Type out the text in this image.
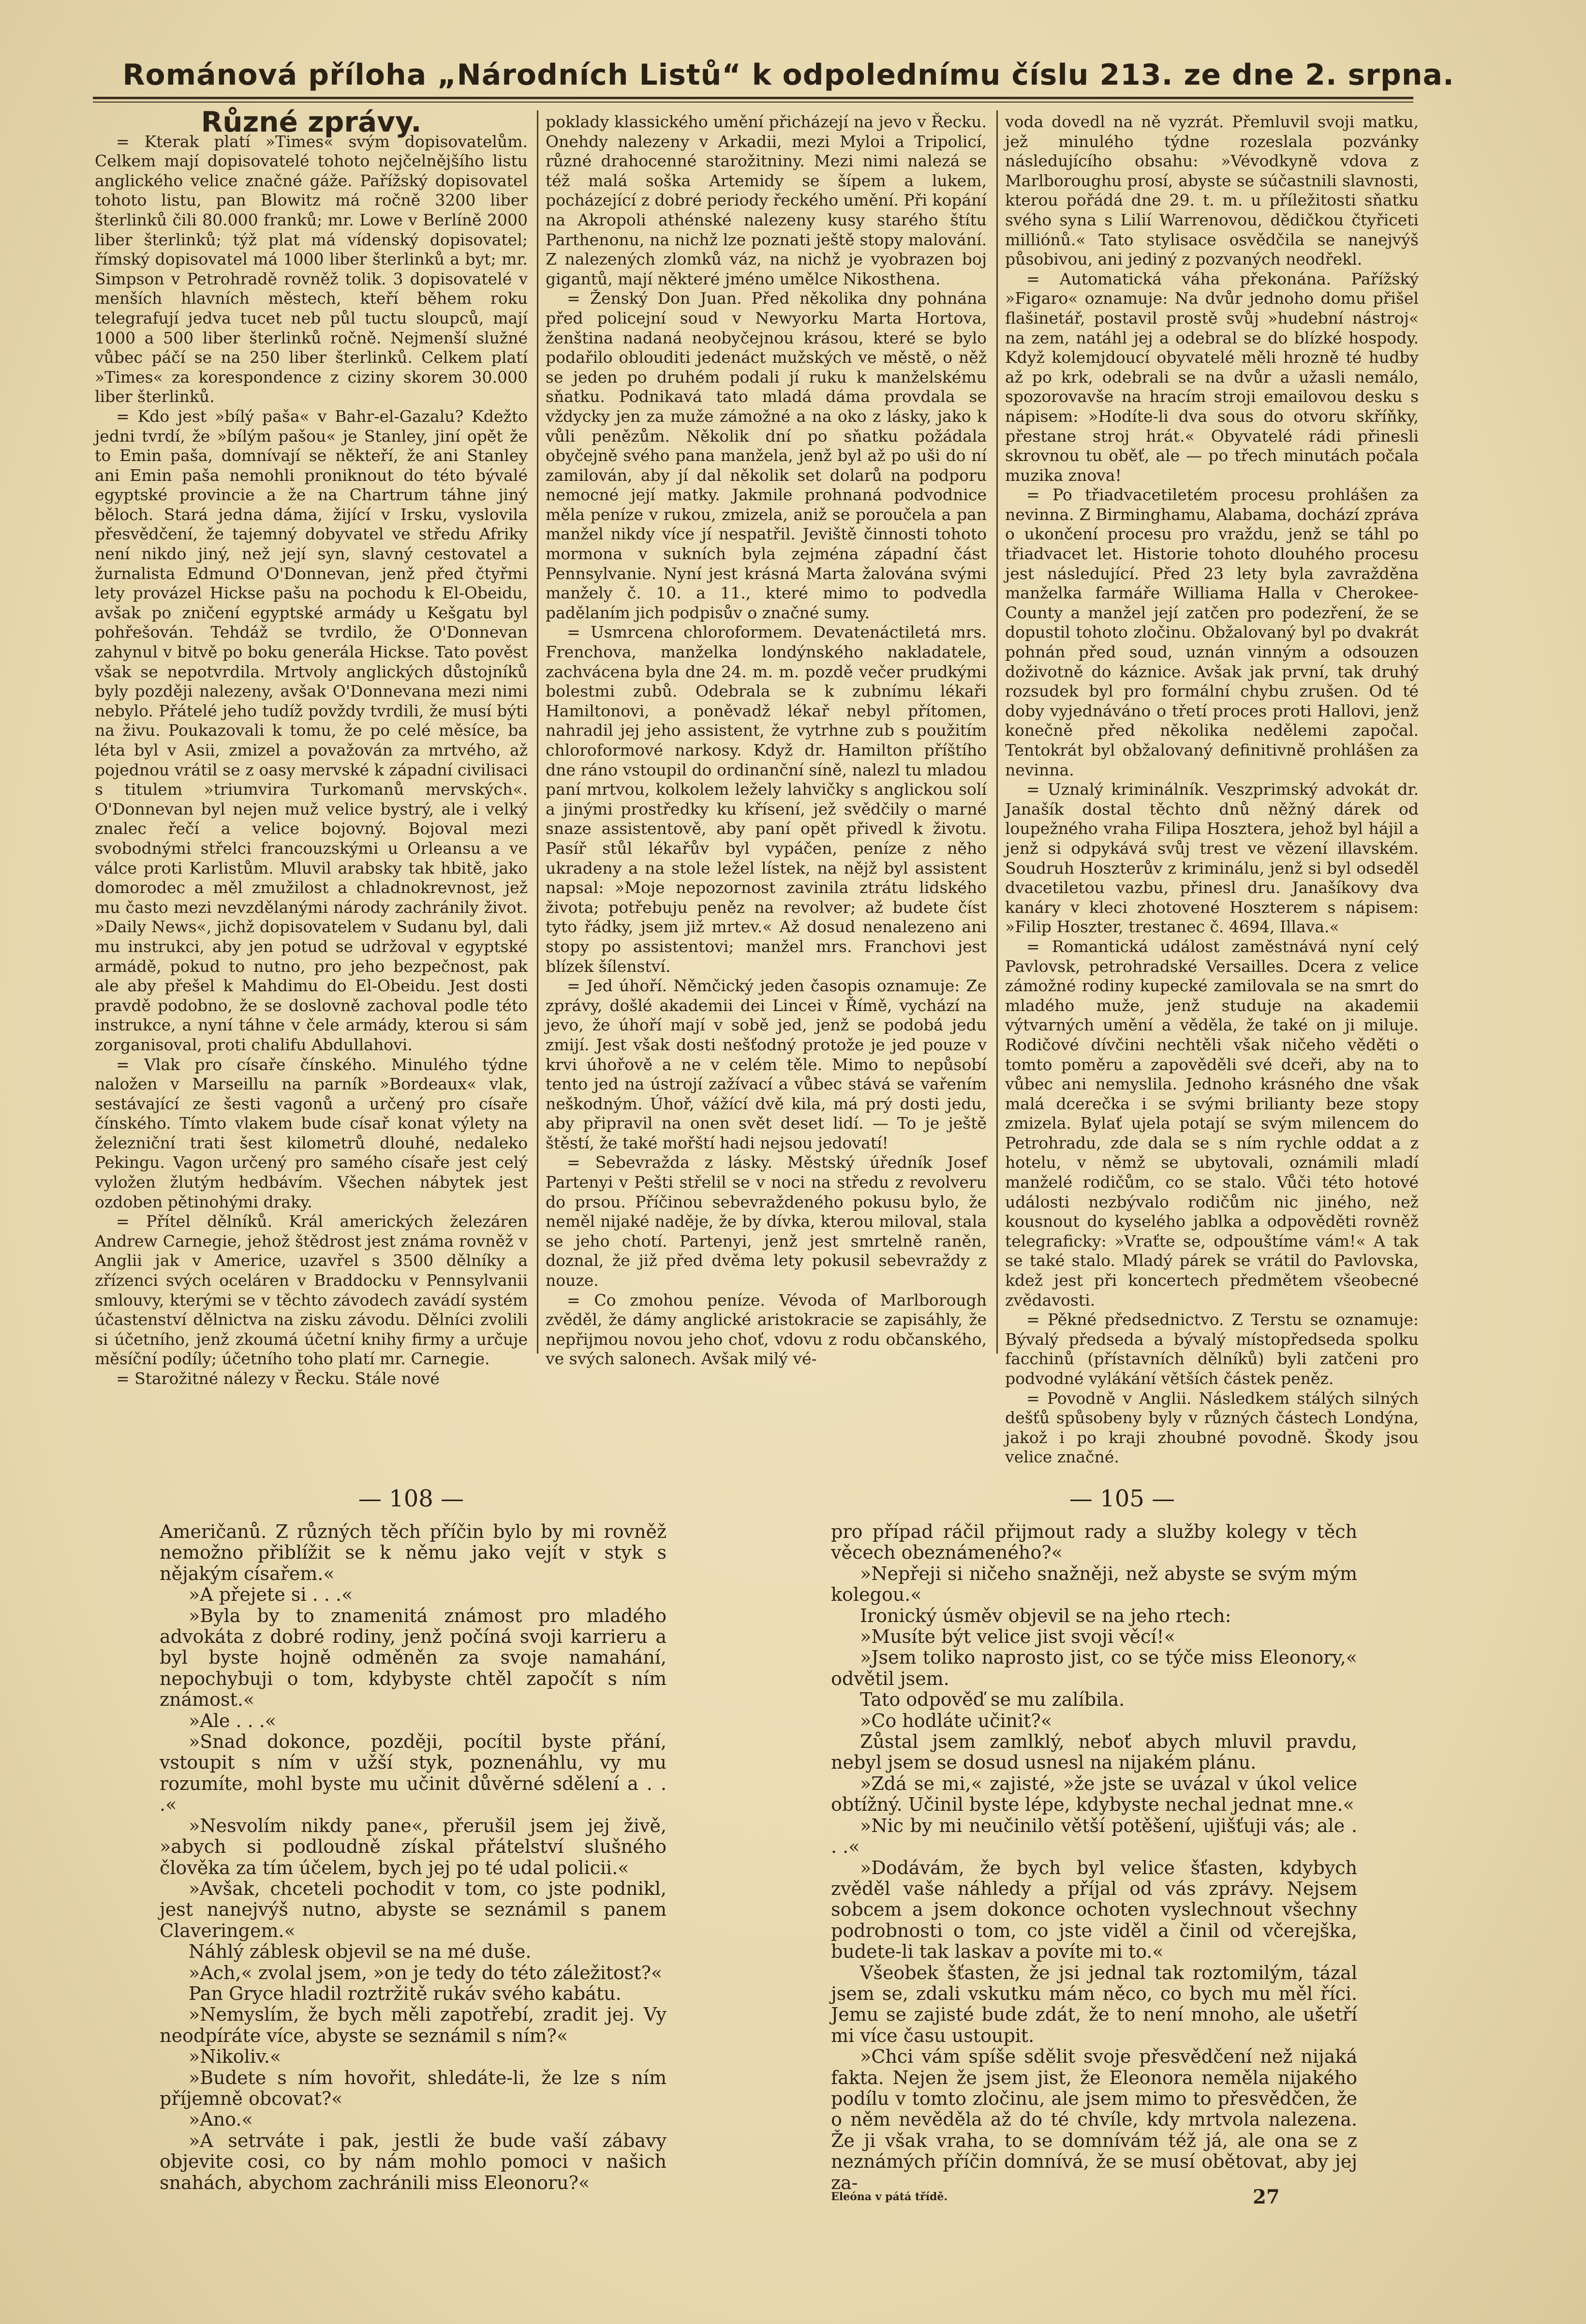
Románová příloha „Národních Listů“ k odpolednímu číslu 213. ze dne 2. srpna.

Různé zprávy.

= Kterak platí »Times« svým dopisovatelům. Celkem mají dopisovatelé tohoto nejčelnějšího listu anglického velice značné gáže. Pařížský dopisovatel tohoto listu, pan Blowitz má ročně 3200 liber šterlinků čili 80.000 franků; mr. Lowe v Berlíně 2000 liber šterlinků; týž plat má vídenský dopisovatel; římský dopisovatel má 1000 liber šterlinků a byt; mr. Simpson v Petrohradě rovněž tolik. 3 dopisovatelé v menších hlavních městech, kteří během roku telegrafují jedva tucet neb půl tuctu sloupců, mají 1000 a 500 liber šterlinků ročně. Nejmenší služné vůbec páčí se na 250 liber šterlinků. Celkem platí »Times« za korespondence z ciziny skorem 30.000 liber šterlinků.

= Kdo jest »bílý paša« v Bahr-el-Gazalu? Kdežto jedni tvrdí, že »bílým pašou« je Stanley, jiní opět že to Emin paša, domnívají se někteří, že ani Stanley ani Emin paša nemohli proniknout do této bývalé egyptské provincie a že na Chartrum táhne jiný běloch. Stará jedna dáma, žijící v Irsku, vyslovila přesvědčení, že tajemný dobyvatel ve středu Afriky není nikdo jiný, než její syn, slavný cestovatel a žurnalista Edmund O'Donnevan, jenž před čtyřmi lety provázel Hickse pašu na pochodu k El-Obeidu, avšak po zničení egyptské armády u Kešgatu byl pohřešován. Tehdáž se tvrdilo, že O'Donnevan zahynul v bitvě po boku generála Hickse. Tato pověst však se nepotvrdila. Mrtvoly anglických důstojníků byly později nalezeny, avšak O'Donnevana mezi nimi nebylo. Přátelé jeho tudíž povždy tvrdili, že musí býti na živu. Poukazovali k tomu, že po celé měsíce, ba léta byl v Asii, zmizel a považován za mrtvého, až pojednou vrátil se z oasy mervské k západní civilisaci s titulem »triumvira Turkomanů mervských«. O'Donnevan byl nejen muž velice bystrý, ale i velký znalec řečí a velice bojovný. Bojoval mezi svobodnými střelci francouzskými u Orleansu a ve válce proti Karlistům. Mluvil arabsky tak hbitě, jako domorodec a měl zmužilost a chladnokrevnost, jež mu často mezi nevzdělanými národy zachránily život. »Daily News«, jichž dopisovatelem v Sudanu byl, dali mu instrukci, aby jen potud se udržoval v egyptské armádě, pokud to nutno, pro jeho bezpečnost, pak ale aby přešel k Mahdimu do El-Obeidu. Jest dosti pravdě podobno, že se doslovně zachoval podle této instrukce, a nyní táhne v čele armády, kterou si sám zorganisoval, proti chalifu Abdullahovi.

= Vlak pro císaře čínského. Minulého týdne naložen v Marseillu na parník »Bordeaux« vlak, sestávající ze šesti vagonů a určený pro císaře čínského. Tímto vlakem bude císař konat výlety na železniční trati šest kilometrů dlouhé, nedaleko Pekingu. Vagon určený pro samého císaře jest celý vyložen žlutým hedbávím. Všechen nábytek jest ozdoben pětinohými draky.

= Přítel dělníků. Král amerických železáren Andrew Carnegie, jehož štědrost jest známa rovněž v Anglii jak v Americe, uzavřel s 3500 dělníky a zřízenci svých oceláren v Braddocku v Pennsylvanii smlouvy, kterými se v těchto závodech zavádí systém účastenství dělnictva na zisku závodu. Dělníci zvolili si účetního, jenž zkoumá účetní knihy firmy a určuje měsíční podíly; účetního toho platí mr. Carnegie.

= Starožitné nálezy v Řecku. Stále nové

poklady klassického umění přicházejí na jevo v Řecku. Onehdy nalezeny v Arkadii, mezi Myloi a Tripolicí, různé drahocenné starožitniny. Mezi nimi nalezá se též malá soška Artemidy se šípem a lukem, pocházející z dobré periody řeckého umění. Při kopání na Akropoli athénské nalezeny kusy starého štítu Parthenonu, na nichž lze poznati ještě stopy malování. Z nalezených zlomků váz, na nichž je vyobrazen boj gigantů, mají některé jméno umělce Nikosthena.

= Ženský Don Juan. Před několika dny pohnána před policejní soud v Newyorku Marta Hortova, ženština nadaná neobyčejnou krásou, které se bylo podařilo oblouditi jedenáct mužských ve městě, o něž se jeden po druhém podali jí ruku k manželskému sňatku. Podnikavá tato mladá dáma provdala se vždycky jen za muže zámožné a na oko z lásky, jako k vůli penězům. Několik dní po sňatku požádala obyčejně svého pana manžela, jenž byl až po uši do ní zamilován, aby jí dal několik set dolarů na podporu nemocné její matky. Jakmile prohnaná podvodnice měla peníze v rukou, zmizela, aniž se poroučela a pan manžel nikdy více jí nespatřil. Jeviště činnosti tohoto mormona v sukních byla zejména západní část Pennsylvanie. Nyní jest krásná Marta žalována svými manžely č. 10. a 11., které mimo to podvedla padělaním jich podpisův o značné sumy.

= Usmrcena chloroformem. Devatenáctiletá mrs. Frenchova, manželka londýnského nakladatele, zachvácena byla dne 24. m. m. pozdě večer prudkými bolestmi zubů. Odebrala se k zubnímu lékaři Hamiltonovi, a poněvadž lékař nebyl přítomen, nahradil jej jeho assistent, že vytrhne zub s použitím chloroformové narkosy. Když dr. Hamilton příštího dne ráno vstoupil do ordinanční síně, nalezl tu mladou paní mrtvou, kolkolem ležely lahvičky s anglickou solí a jinými prostředky ku křísení, jež svědčily o marné snaze assistentově, aby paní opět přivedl k životu. Pasíř stůl lékařův byl vypáčen, peníze z něho ukradeny a na stole ležel lístek, na nějž byl assistent napsal: »Moje nepozornost zavinila ztrátu lidského života; potřebuju peněz na revolver; až budete číst tyto řádky, jsem již mrtev.« Až dosud nenalezeno ani stopy po assistentovi; manžel mrs. Franchovi jest blízek šílenství.

= Jed úhoří. Němčický jeden časopis oznamuje: Ze zprávy, došlé akademii dei Lincei v Římě, vychází na jevo, že úhoří mají v sobě jed, jenž se podobá jedu zmijí. Jest však dosti nešťodný protože je jed pouze v krvi úhořově a ne v celém těle. Mimo to nepůsobí tento jed na ústrojí zažívací a vůbec stává se vařením neškodným. Úhoř, vážící dvě kila, má prý dosti jedu, aby připravil na onen svět deset lidí. — To je ještě štěstí, že také mořští hadi nejsou jedovatí!

= Sebevražda z lásky. Městský úředník Josef Partenyi v Pešti střelil se v noci na středu z revolveru do prsou. Příčinou sebevraždeného pokusu bylo, že neměl nijaké naděje, že by dívka, kterou miloval, stala se jeho chotí. Partenyi, jenž jest smrtelně raněn, doznal, že již před dvěma lety pokusil sebevraždy z nouze.

= Co zmohou peníze. Vévoda of Marlborough zvěděl, že dámy anglické aristokracie se zapisáhly, že nepřijmou novou jeho choť, vdovu z rodu občanského, ve svých salonech. Avšak milý vé-

voda dovedl na ně vyzrát. Přemluvil svoji matku, jež minulého týdne rozeslala pozvánky následujícího obsahu: »Vévodkyně vdova z Marlboroughu prosí, abyste se súčastnili slavnosti, kterou pořádá dne 29. t. m. u příležitosti sňatku svého syna s Lilií Warrenovou, dědičkou čtyřiceti milliónů.« Tato stylisace osvědčila se nanejvýš působivou, ani jediný z pozvaných neodřekl.

= Automatická váha překonána. Pařížský »Figaro« oznamuje: Na dvůr jednoho domu přišel flašinetář, postavil prostě svůj »hudební nástroj« na zem, natáhl jej a odebral se do blízké hospody. Když kolemjdoucí obyvatelé měli hrozně té hudby až po krk, odebrali se na dvůr a užasli nemálo, spozorovavše na hracím stroji emailovou desku s nápisem: »Hodíte-li dva sous do otvoru skříňky, přestane stroj hrát.« Obyvatelé rádi přinesli skrovnou tu oběť, ale — po třech minutách počala muzika znova!

= Po třiadvacetiletém procesu prohlášen za nevinna. Z Birminghamu, Alabama, dochází zpráva o ukončení procesu pro vraždu, jenž se táhl po třiadvacet let. Historie tohoto dlouhého procesu jest následující. Před 23 lety byla zavražděna manželka farmáře Williama Halla v Cherokee-County a manžel její zatčen pro podezření, že se dopustil tohoto zločinu. Obžalovaný byl po dvakrát pohnán před soud, uznán vinným a odsouzen doživotně do káznice. Avšak jak první, tak druhý rozsudek byl pro formální chybu zrušen. Od té doby vyjednáváno o třetí proces proti Hallovi, jenž konečně před několika nedělemi započal. Tentokrát byl obžalovaný definitivně prohlášen za nevinna.

= Uznalý kriminálník. Veszprimský advokát dr. Janašík dostal těchto dnů něžný dárek od loupežného vraha Filipa Hosztera, jehož byl hájil a jenž si odpykává svůj trest ve vězení illavském. Soudruh Hoszterův z kriminálu, jenž si byl odseděl dvacetiletou vazbu, přinesl dru. Janašíkovy dva kanáry v kleci zhotovené Hoszterem s nápisem: »Filip Hoszter, trestanec č. 4694, Illava.«

= Romantická událost zaměstnává nyní celý Pavlovsk, petrohradské Versailles. Dcera z velice zámožné rodiny kupecké zamilovala se na smrt do mladého muže, jenž studuje na akademii výtvarných umění a věděla, že také on ji miluje. Rodičové dívčini nechtěli však ničeho věděti o tomto poměru a zapověděli své dceři, aby na to vůbec ani nemyslila. Jednoho krásného dne však malá dcerečka i se svými brilianty beze stopy zmizela. Bylať ujela potají se svým milencem do Petrohradu, zde dala se s ním rychle oddat a z hotelu, v němž se ubytovali, oznámili mladí manželé rodičům, co se stalo. Vůči této hotové události nezbývalo rodičům nic jiného, než kousnout do kyselého jablka a odpověděti rovněž telegraficky: »Vraťte se, odpouštíme vám!« A tak se také stalo. Mladý párek se vrátil do Pavlovska, kdež jest při koncertech předmětem všeobecné zvědavosti.

= Pěkné předsednictvo. Z Terstu se oznamuje: Bývalý předseda a bývalý místopředseda spolku facchinů (přístavních dělníků) byli zatčeni pro podvodné vylákání větších částek peněz.

= Povodně v Anglii. Následkem stálých silných dešťů spůsobeny byly v různých částech Londýna, jakož i po kraji zhoubné povodně. Škody jsou velice značné.

— 108 —	— 105 —

Američanů. Z různých těch příčin bylo by mi rovněž nemožno přiblížit se k němu jako vejít v styk s nějakým císařem.«

»A přejete si . . .«

»Byla by to znamenitá známost pro mladého advokáta z dobré rodiny, jenž počíná svoji karrieru a byl byste hojně odměněn za svoje namahání, nepochybuji o tom, kdybyste chtěl započít s ním známost.«

»Ale . . .«

»Snad dokonce, později, pocítil byste přání, vstoupit s ním v užší styk, poznenáhlu, vy mu rozumíte, mohl byste mu učinit důvěrné sdělení a . . .«

»Nesvolím nikdy pane«, přerušil jsem jej živě, »abych si podloudně získal přátelství slušného člověka za tím účelem, bych jej po té udal policii.«

»Avšak, chceteli pochodit v tom, co jste podnikl, jest nanejvýš nutno, abyste se seznámil s panem Claveringem.«

Náhlý záblesk objevil se na mé duše.

»Ach,« zvolal jsem, »on je tedy do této záležitost?«

Pan Gryce hladil roztržitě rukáv svého kabátu.

»Nemyslím, že bych měli zapotřebí, zradit jej. Vy neodpíráte více, abyste se seznámil s ním?«

»Nikoliv.«

»Budete s ním hovořit, shledáte-li, že lze s ním příjemně obcovat?«

»Ano.«

»A setrváte i pak, jestli že bude vaší zábavy objevite cosi, co by nám mohlo pomoci v našich snahách, abychom zachránili miss Eleonoru?«

pro případ ráčil přijmout rady a služby kolegy v těch věcech obeznámeného?«

»Nepřeji si ničeho snažněji, než abyste se svým mým kolegou.«

Ironický úsměv objevil se na jeho rtech:

»Musíte být velice jist svoji věcí!«

»Jsem toliko naprosto jist, co se týče miss Eleonory,« odvětil jsem.

Tato odpověď se mu zalíbila.

»Co hodláte učinit?«

Zůstal jsem zamlklý, neboť abych mluvil pravdu, nebyl jsem se dosud usnesl na nijakém plánu.

»Zdá se mi,« zajisté, »že jste se uvázal v úkol velice obtížný. Učinil byste lépe, kdybyste nechal jednat mne.«

»Nic by mi neučinilo větší potěšení, ujišťuji vás; ale . . .«

»Dodávám, že bych byl velice šťasten, kdybych zvěděl vaše náhledy a příjal od vás zprávy. Nejsem sobcem a jsem dokonce ochoten vyslechnout všechny podrobnosti o tom, co jste viděl a činil od včerejška, budete-li tak laskav a povíte mi to.«

Všeobek šťasten, že jsi jednal tak roztomilým, tázal jsem se, zdali vskutku mám něco, co bych mu měl říci. Jemu se zajisté bude zdát, že to není mnoho, ale ušetří mi více času ustoupit.

»Chci vám spíše sdělit svoje přesvědčení než nijaká fakta. Nejen že jsem jist, že Eleonora neměla nijakého podílu v tomto zločinu, ale jsem mimo to přesvědčen, že o něm nevěděla až do té chvíle, kdy mrtvola nalezena. Že ji však vraha, to se domnívám též já, ale ona se z neznámých příčin domnívá, že se musí obětovat, aby jej za-

Eleóna v pátá třídě.	27
